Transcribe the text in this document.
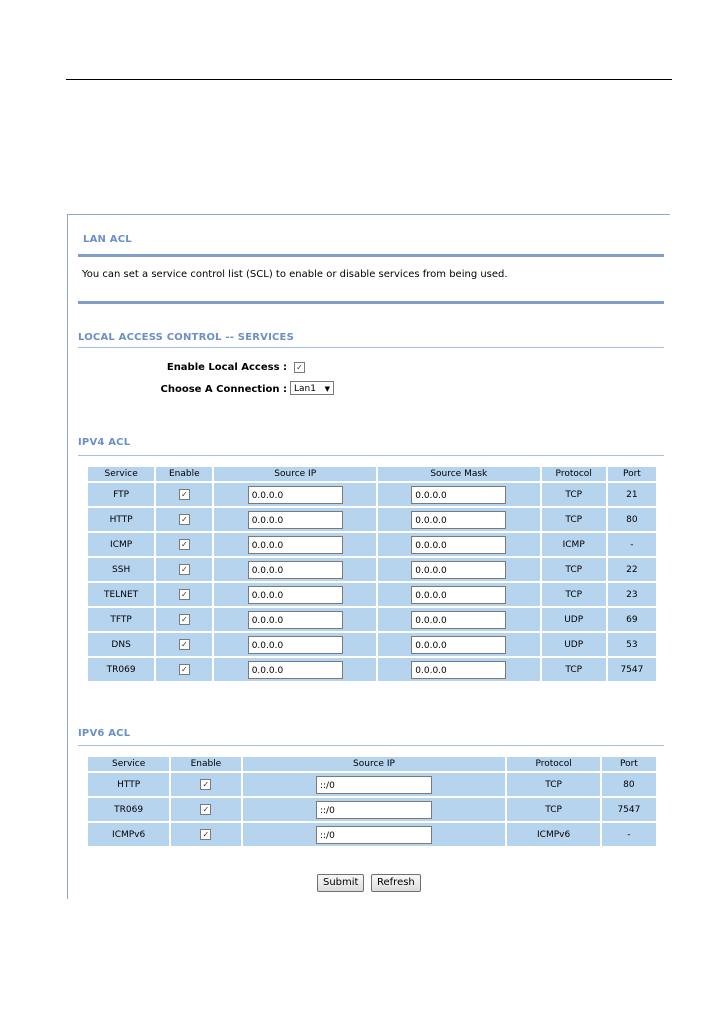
LAN ACL
You can set a service control list (SCL) to enable or disable services from being used.
LOCAL ACCESS CONTROL -- SERVICES
Enable Local Access : ✓
Choose A Connection : Lan1 ▼
IPV4 ACL
Service	Enable	Source IP	Source Mask	Protocol	Port
FTP	✓	0.0.0.0	0.0.0.0	TCP	21
HTTP	✓	0.0.0.0	0.0.0.0	TCP	80
ICMP	✓	0.0.0.0	0.0.0.0	ICMP	-
SSH	✓	0.0.0.0	0.0.0.0	TCP	22
TELNET	✓	0.0.0.0	0.0.0.0	TCP	23
TFTP	✓	0.0.0.0	0.0.0.0	UDP	69
DNS	✓	0.0.0.0	0.0.0.0	UDP	53
TR069	✓	0.0.0.0	0.0.0.0	TCP	7547
IPV6 ACL
Service	Enable	Source IP	Protocol	Port
HTTP	✓	::/0	TCP	80
TR069	✓	::/0	TCP	7547
ICMPv6	✓	::/0	ICMPv6	-
Submit	Refresh
